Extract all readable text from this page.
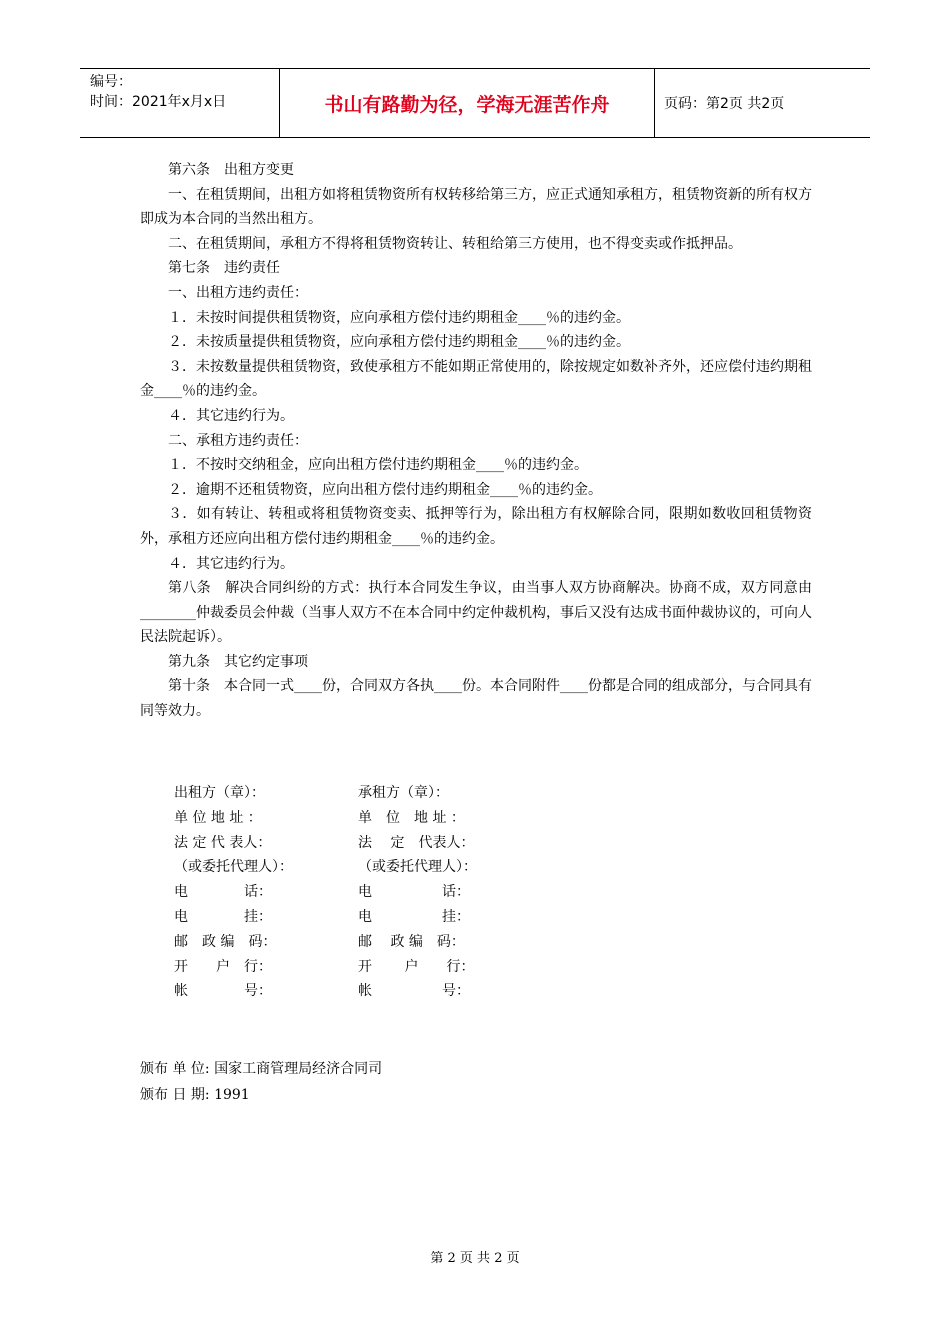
编号：
时间：2021年x月x日	书山有路勤为径，学海无涯苦作舟	页码：第2页 共2页

第六条　出租方变更

一、在租赁期间，出租方如将租赁物资所有权转移给第三方，应正式通知承租方，租赁物资新的所有权方即成为本合同的当然出租方。

二、在租赁期间，承租方不得将租赁物资转让、转租给第三方使用，也不得变卖或作抵押品。

第七条　违约责任

一、出租方违约责任：

１．未按时间提供租赁物资，应向承租方偿付违约期租金____％的违约金。

２．未按质量提供租赁物资，应向承租方偿付违约期租金____％的违约金。

３．未按数量提供租赁物资，致使承租方不能如期正常使用的，除按规定如数补齐外，还应偿付违约期租金____％的违约金。

４．其它违约行为。

二、承租方违约责任：

１．不按时交纳租金，应向出租方偿付违约期租金____％的违约金。

２．逾期不还租赁物资，应向出租方偿付违约期租金____％的违约金。

３．如有转让、转租或将租赁物资变卖、抵押等行为，除出租方有权解除合同，限期如数收回租赁物资外，承租方还应向出租方偿付违约期租金____％的违约金。

４．其它违约行为。

第八条　解决合同纠纷的方式：执行本合同发生争议，由当事人双方协商解决。协商不成，双方同意由________仲裁委员会仲裁（当事人双方不在本合同中约定仲裁机构，事后又没有达成书面仲裁协议的，可向人民法院起诉）。

第九条　其它约定事项

第十条　本合同一式____份，合同双方各执____份。本合同附件____份都是合同的组成部分，与合同具有同等效力。

出租方（章）：	承租方（章）：
单 位 地 址 ：	单　位　地 址 ：
法 定 代 表人：	法　 定　代表人：
（或委托代理人）：	（或委托代理人）：
电　　　　话：	电　　　　　话：
电　　　　挂：	电　　　　　挂：
邮　政 编　码：	邮　 政 编　码：
开　　户　行：	开　　 户　　行：
帐　　　　号：	帐　　　　　号：
颁布 单 位: 国家工商管理局经济合同司
颁布 日 期: 1991
第 2 页 共 2 页
